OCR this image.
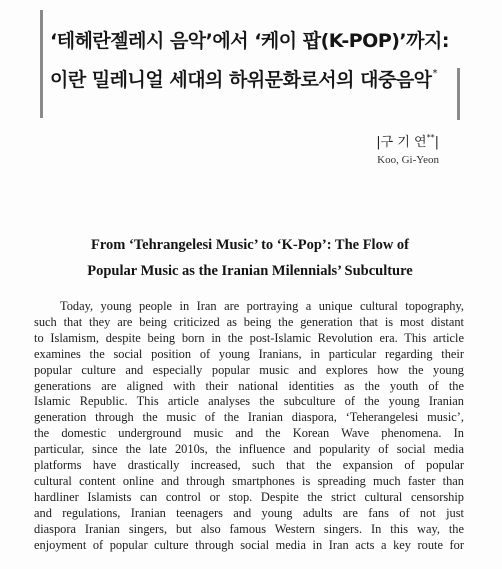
‘테헤란젤레시 음악’에서 ‘케이 팝(K-POP)’까지:
이란 밀레니얼 세대의 하위문화로서의 대중음악*
|구 기 연**|
Koo, Gi-Yeon
From ‘Tehrangelesi Music’ to ‘K-Pop’: The Flow of
Popular Music as the Iranian Milennials’ Subculture
Today, young people in Iran are portraying a unique cultural topography,
such that they are being criticized as being the generation that is most distant
to Islamism, despite being born in the post-Islamic Revolution era. This article
examines the social position of young Iranians, in particular regarding their
popular culture and especially popular music and explores how the young
generations are aligned with their national identities as the youth of the
Islamic Republic. This article analyses the subculture of the young Iranian
generation through the music of the Iranian diaspora, ‘Teherangelesi music’,
the domestic underground music and the Korean Wave phenomena. In
particular, since the late 2010s, the influence and popularity of social media
platforms have drastically increased, such that the expansion of popular
cultural content online and through smartphones is spreading much faster than
hardliner Islamists can control or stop. Despite the strict cultural censorship
and regulations, Iranian teenagers and young adults are fans of not just
diaspora Iranian singers, but also famous Western singers. In this way, the
enjoyment of popular culture through social media in Iran acts a key route for
